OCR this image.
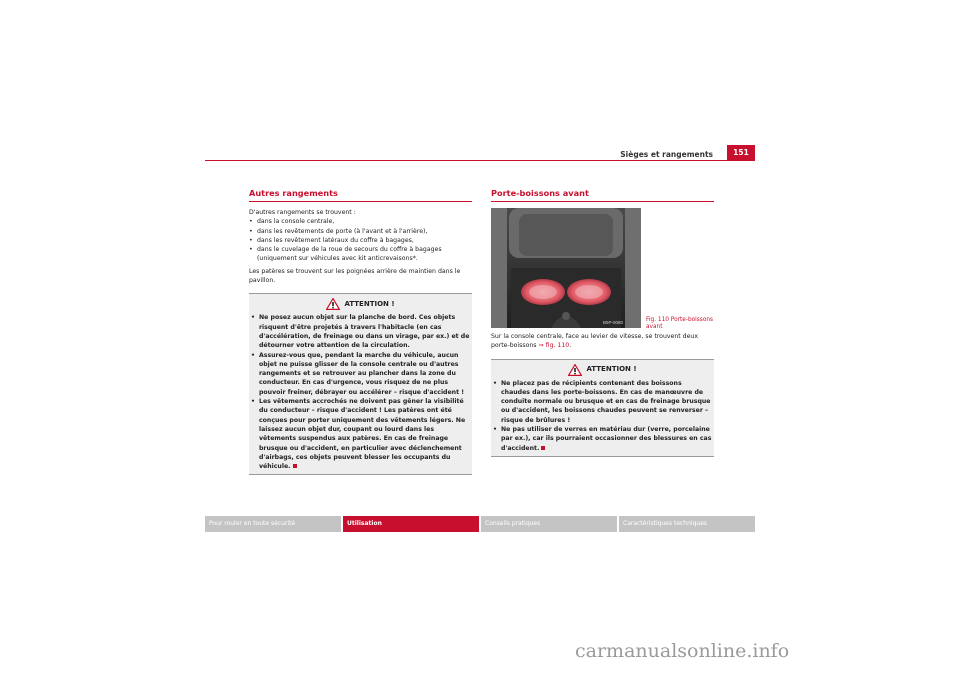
Sièges et rangements	151
Autres rangements

D'autres rangements se trouvent :

• dans la console centrale,
• dans les revêtements de porte (à l'avant et à l'arrière),
• dans les revêtement latéraux du coffre à bagages,
• dans le cuvelage de la roue de secours du coffre à bagages (uniquement sur véhicules avec kit anticrevaisons*.

Les patères se trouvent sur les poignées arrière de maintien dans le pavillon.

ATTENTION !
• Ne posez aucun objet sur la planche de bord. Ces objets risquent d'être projetés à travers l'habitacle (en cas d'accélération, de freinage ou dans un virage, par ex.) et de détourner votre attention de la circulation.
• Assurez-vous que, pendant la marche du véhicule, aucun objet ne puisse glisser de la console centrale ou d'autres rangements et se retrouver au plancher dans la zone du conducteur. En cas d'urgence, vous risquez de ne plus pouvoir freiner, débrayer ou accélérer – risque d'accident !
• Les vêtements accrochés ne doivent pas gêner la visibilité du conducteur – risque d'accident ! Les patères ont été conçues pour porter uniquement des vêtements légers. Ne laissez aucun objet dur, coupant ou lourd dans les vêtements suspendus aux patères. En cas de freinage brusque ou d'accident, en particulier avec déclenchement d'airbags, ces objets peuvent blesser les occupants du véhicule.
Porte-boissons avant
B5P-0080

Sur la console centrale, face au levier de vitesse, se trouvent deux porte-boissons ⇒ fig. 110.

ATTENTION !
• Ne placez pas de récipients contenant des boissons chaudes dans les porte-boissons. En cas de manœuvre de conduite normale ou brusque et en cas de freinage brusque ou d'accident, les boissons chaudes peuvent se renverser – risque de brûlures !
• Ne pas utiliser de verres en matériau dur (verre, porcelaine par ex.), car ils pourraient occasionner des blessures en cas d'accident.
Fig. 110 Porte-boissons avant
Pour rouler en toute sécurité	Utilisation	Conseils pratiques	Caractéristiques techniques
carmanualsonline.info
